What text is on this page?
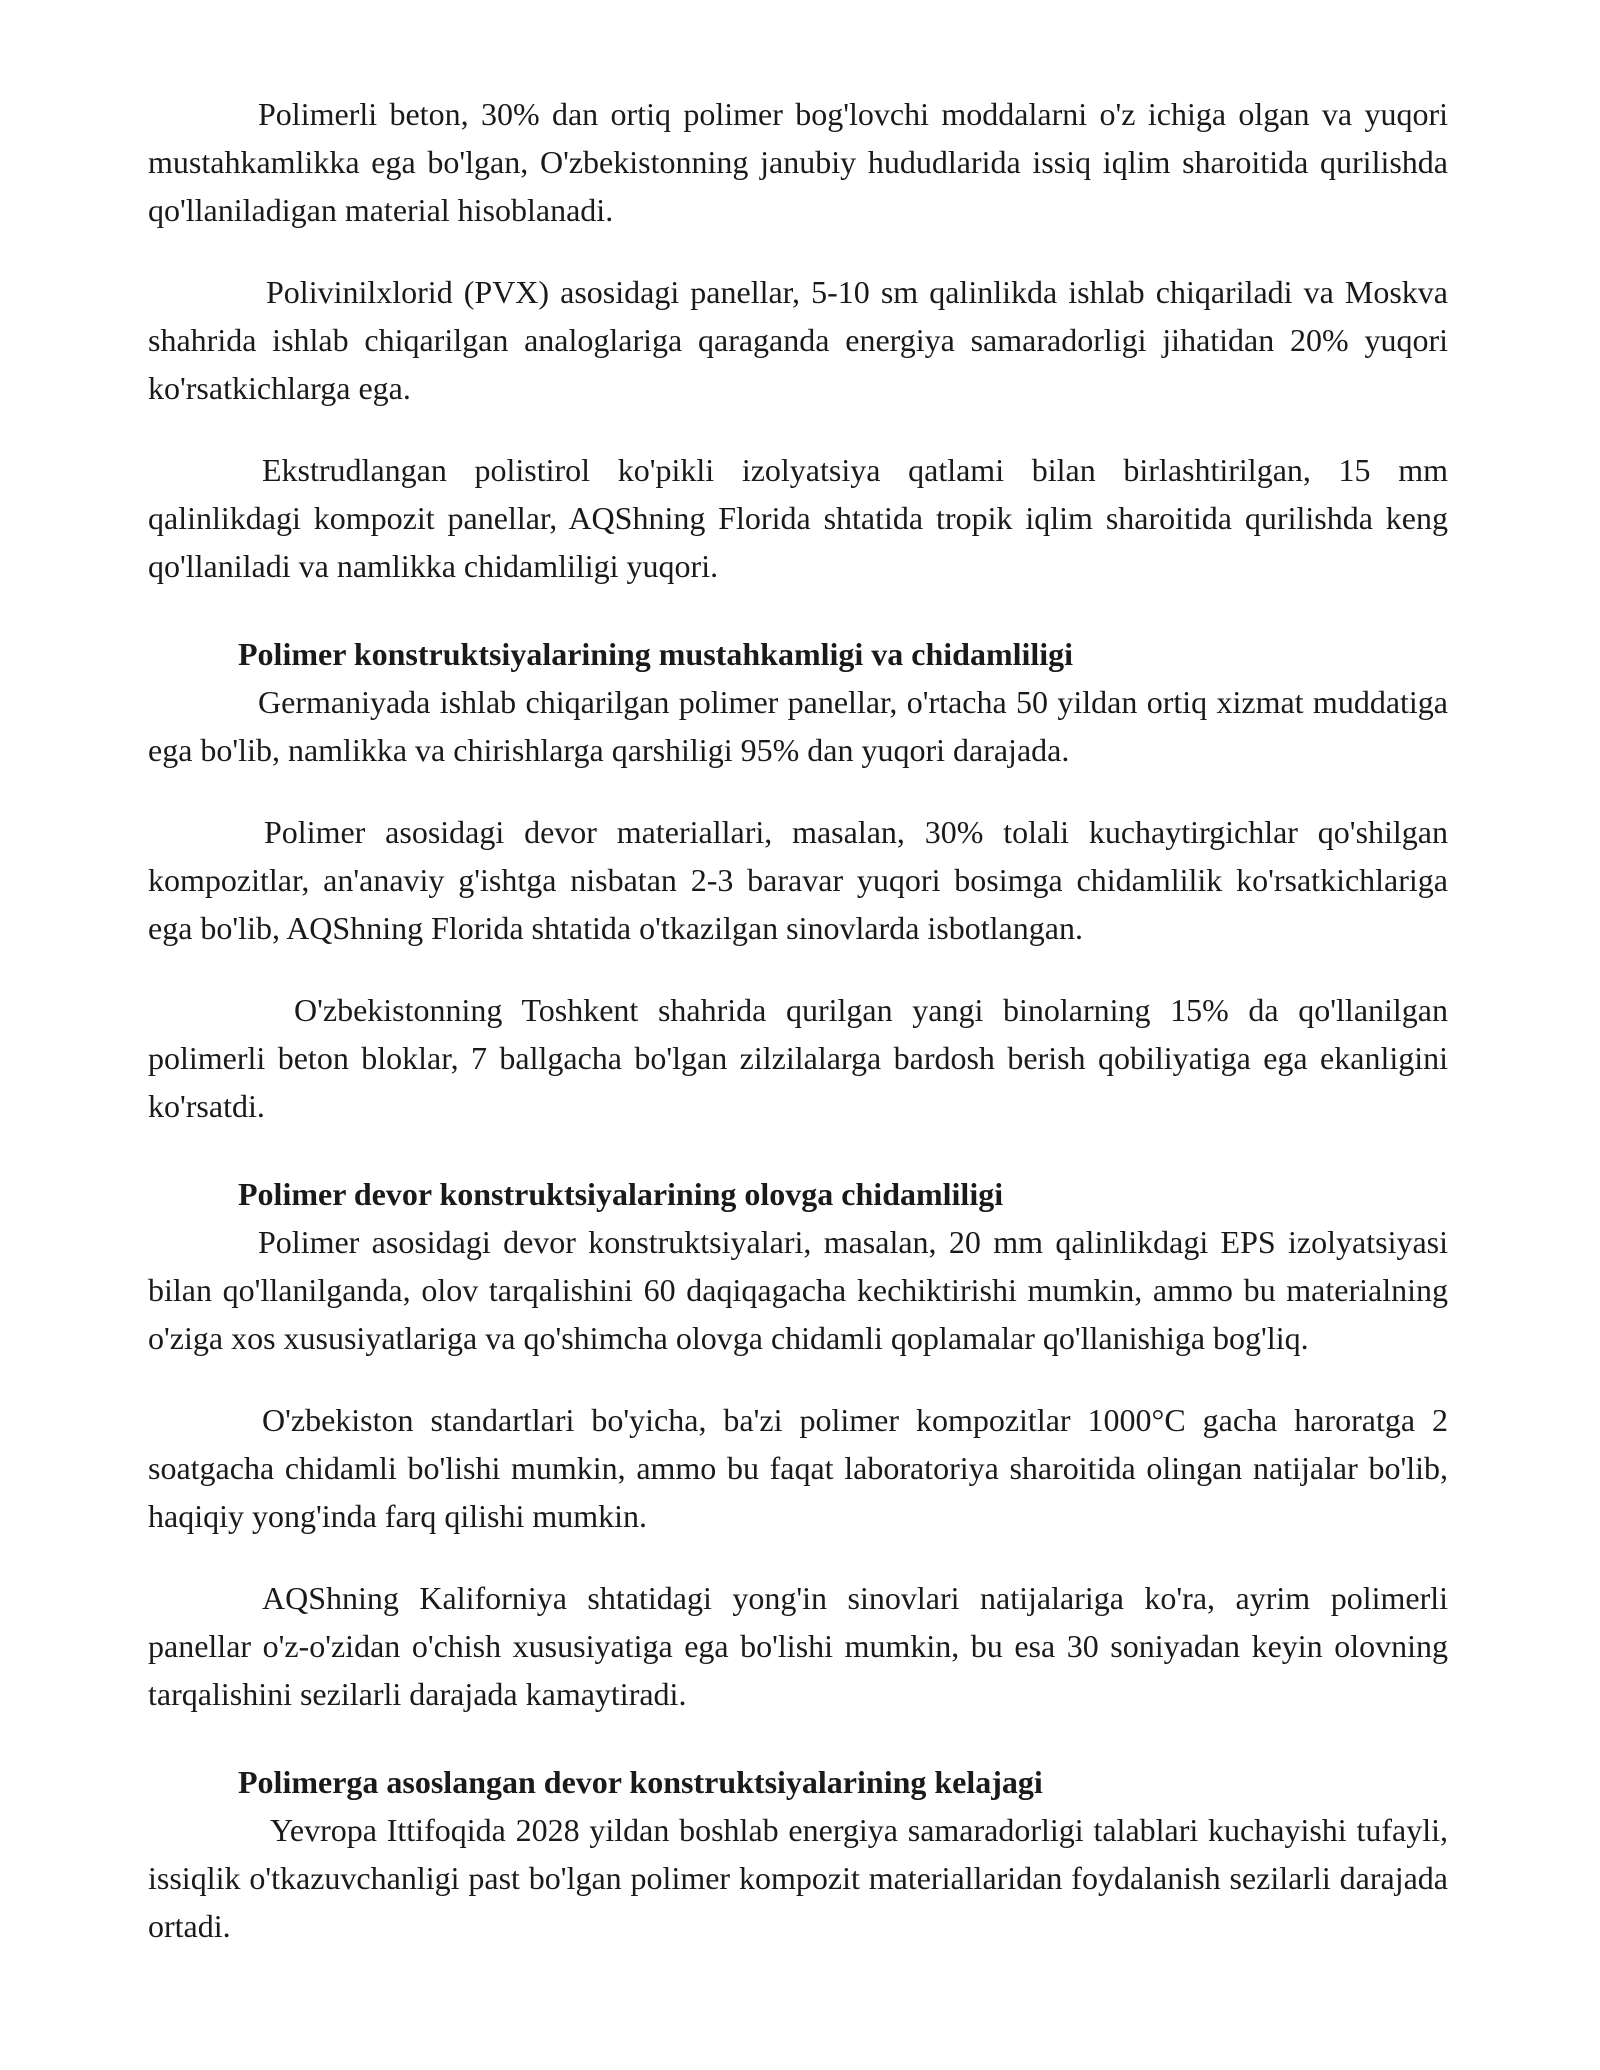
Polimerli beton, 30% dan ortiq polimer bog'lovchi moddalarni o'z ichiga olgan va yuqori mustahkamlikka ega bo'lgan, O'zbekistonning janubiy hududlarida issiq iqlim sharoitida qurilishda qo'llaniladigan material hisoblanadi.

Polivinilxlorid (PVX) asosidagi panellar, 5-10 sm qalinlikda ishlab chiqariladi va Moskva shahrida ishlab chiqarilgan analoglariga qaraganda energiya samaradorligi jihatidan 20% yuqori ko'rsatkichlarga ega.

Ekstrudlangan polistirol ko'pikli izolyatsiya qatlami bilan birlashtirilgan, 15 mm qalinlikdagi kompozit panellar, AQShning Florida shtatida tropik iqlim sharoitida qurilishda keng qo'llaniladi va namlikka chidamliligi yuqori.

Polimer konstruktsiyalarining mustahkamligi va chidamliligi

Germaniyada ishlab chiqarilgan polimer panellar, o'rtacha 50 yildan ortiq xizmat muddatiga ega bo'lib, namlikka va chirishlarga qarshiligi 95% dan yuqori darajada.

Polimer asosidagi devor materiallari, masalan, 30% tolali kuchaytirgichlar qo'shilgan kompozitlar, an'anaviy g'ishtga nisbatan 2-3 baravar yuqori bosimga chidamlilik ko'rsatkichlariga ega bo'lib, AQShning Florida shtatida o'tkazilgan sinovlarda isbotlangan.

O'zbekistonning Toshkent shahrida qurilgan yangi binolarning 15% da qo'llanilgan polimerli beton bloklar, 7 ballgacha bo'lgan zilzilalarga bardosh berish qobiliyatiga ega ekanligini ko'rsatdi.

Polimer devor konstruktsiyalarining olovga chidamliligi

Polimer asosidagi devor konstruktsiyalari, masalan, 20 mm qalinlikdagi EPS izolyatsiyasi bilan qo'llanilganda, olov tarqalishini 60 daqiqagacha kechiktirishi mumkin, ammo bu materialning o'ziga xos xususiyatlariga va qo'shimcha olovga chidamli qoplamalar qo'llanishiga bog'liq.

O'zbekiston standartlari bo'yicha, ba'zi polimer kompozitlar 1000°C gacha haroratga 2 soatgacha chidamli bo'lishi mumkin, ammo bu faqat laboratoriya sharoitida olingan natijalar bo'lib, haqiqiy yong'inda farq qilishi mumkin.

AQShning Kaliforniya shtatidagi yong'in sinovlari natijalariga ko'ra, ayrim polimerli panellar o'z-o'zidan o'chish xususiyatiga ega bo'lishi mumkin, bu esa 30 soniyadan keyin olovning tarqalishini sezilarli darajada kamaytiradi.

Polimerga asoslangan devor konstruktsiyalarining kelajagi

Yevropa Ittifoqida 2028 yildan boshlab energiya samaradorligi talablari kuchayishi tufayli, issiqlik o'tkazuvchanligi past bo'lgan polimer kompozit materiallaridan foydalanish sezilarli darajada ortadi.
